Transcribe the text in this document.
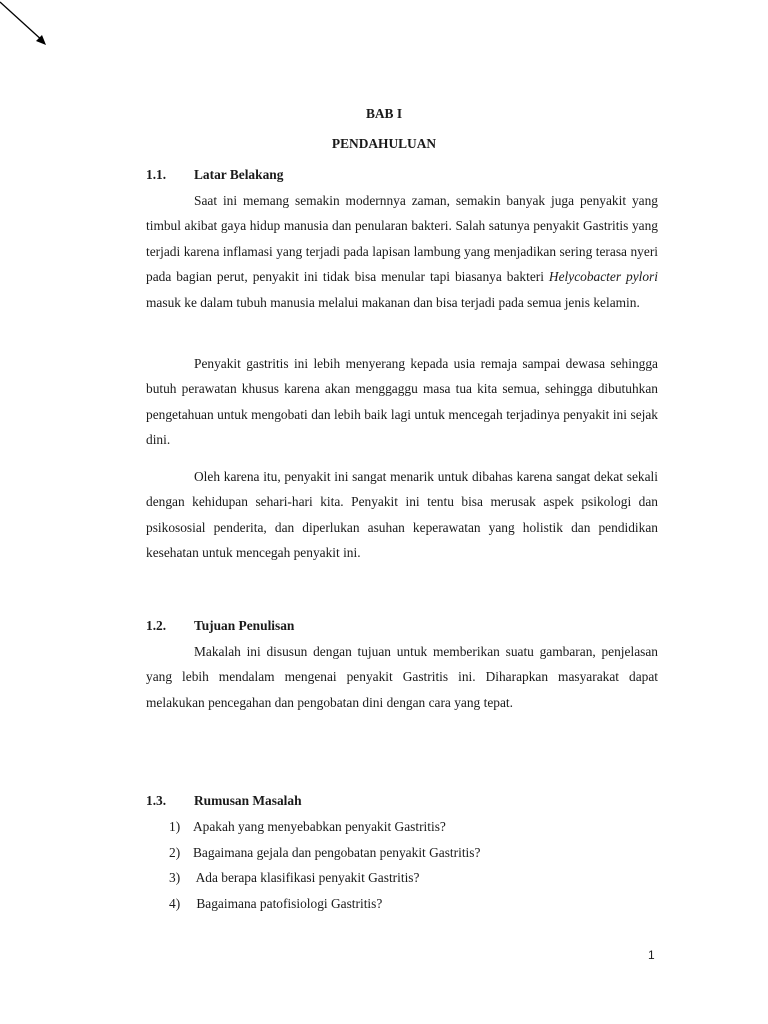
BAB I
PENDAHULUAN
1.1. Latar Belakang

Saat ini memang semakin modernnya zaman, semakin banyak juga penyakit yang timbul akibat gaya hidup manusia dan penularan bakteri. Salah satunya penyakit Gastritis yang terjadi karena inflamasi yang terjadi pada lapisan lambung yang menjadikan sering terasa nyeri pada bagian perut, penyakit ini tidak bisa menular tapi biasanya bakteri Helycobacter pylori masuk ke dalam tubuh manusia melalui makanan dan bisa terjadi pada semua jenis kelamin.

Penyakit gastritis ini lebih menyerang kepada usia remaja sampai dewasa sehingga butuh perawatan khusus karena akan menggaggu masa tua kita semua, sehingga dibutuhkan pengetahuan untuk mengobati dan lebih baik lagi untuk mencegah terjadinya penyakit ini sejak dini.

Oleh karena itu, penyakit ini sangat menarik untuk dibahas karena sangat dekat sekali dengan kehidupan sehari-hari kita. Penyakit ini tentu bisa merusak aspek psikologi dan psikososial penderita, dan diperlukan asuhan keperawatan yang holistik dan pendidikan kesehatan untuk mencegah penyakit ini.

1.2. Tujuan Penulisan

Makalah ini disusun dengan tujuan untuk memberikan suatu gambaran, penjelasan yang lebih mendalam mengenai penyakit Gastritis ini. Diharapkan masyarakat dapat melakukan pencegahan dan pengobatan dini dengan cara yang tepat.

1.3. Rumusan Masalah
1) Apakah yang menyebabkan penyakit Gastritis?
2) Bagaimana gejala dan pengobatan penyakit Gastritis?
3) Ada berapa klasifikasi penyakit Gastritis?
4) Bagaimana patofisiologi Gastritis?
1
